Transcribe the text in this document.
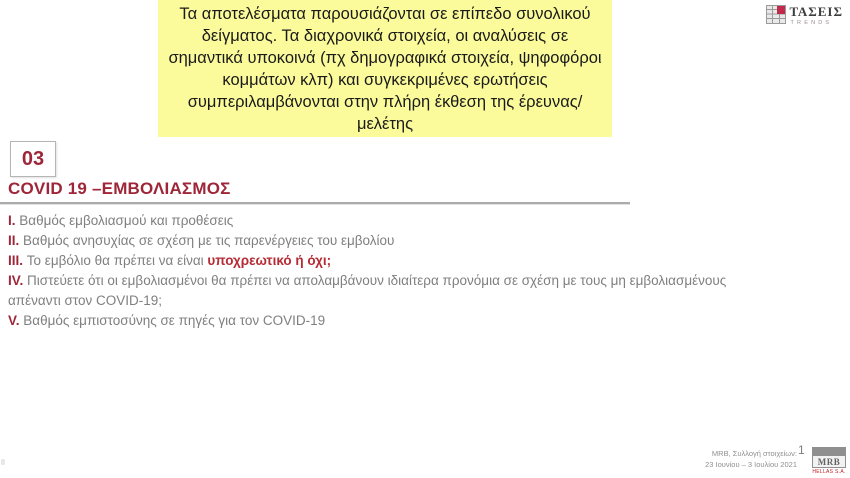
Τα αποτελέσματα παρουσιάζονται σε επίπεδο συνολικού δείγματος. Τα διαχρονικά στοιχεία, οι αναλύσεις σε σημαντικά υποκοινά (πχ δημογραφικά στοιχεία, ψηφοφόροι κομμάτων κλπ) και συγκεκριμένες ερωτήσεις συμπεριλαμβάνονται στην πλήρη έκθεση της έρευνας/μελέτης
ΤΑΣΕΙΣ
TRENDS
03
COVID 19 –ΕΜΒΟΛΙΑΣΜΟΣ
I. Βαθμός εμβολιασμού και προθέσεις
II. Βαθμός ανησυχίας σε σχέση με τις παρενέργειες του εμβολίου
III. Το εμβόλιο θα πρέπει να είναι υποχρεωτικό ή όχι;
IV. Πιστεύετε ότι οι εμβολιασμένοι θα πρέπει να απολαμβάνουν ιδιαίτερα προνόμια σε σχέση με τους μη εμβολιασμένους απέναντι στον COVID-19;
V. Βαθμός εμπιστοσύνης σε πηγές για τον COVID-19
MRB, Συλλογή στοιχείων:
23 Ιουνίου – 3 Ιουλίου 2021
1
MRB
HELLAS S.A.
